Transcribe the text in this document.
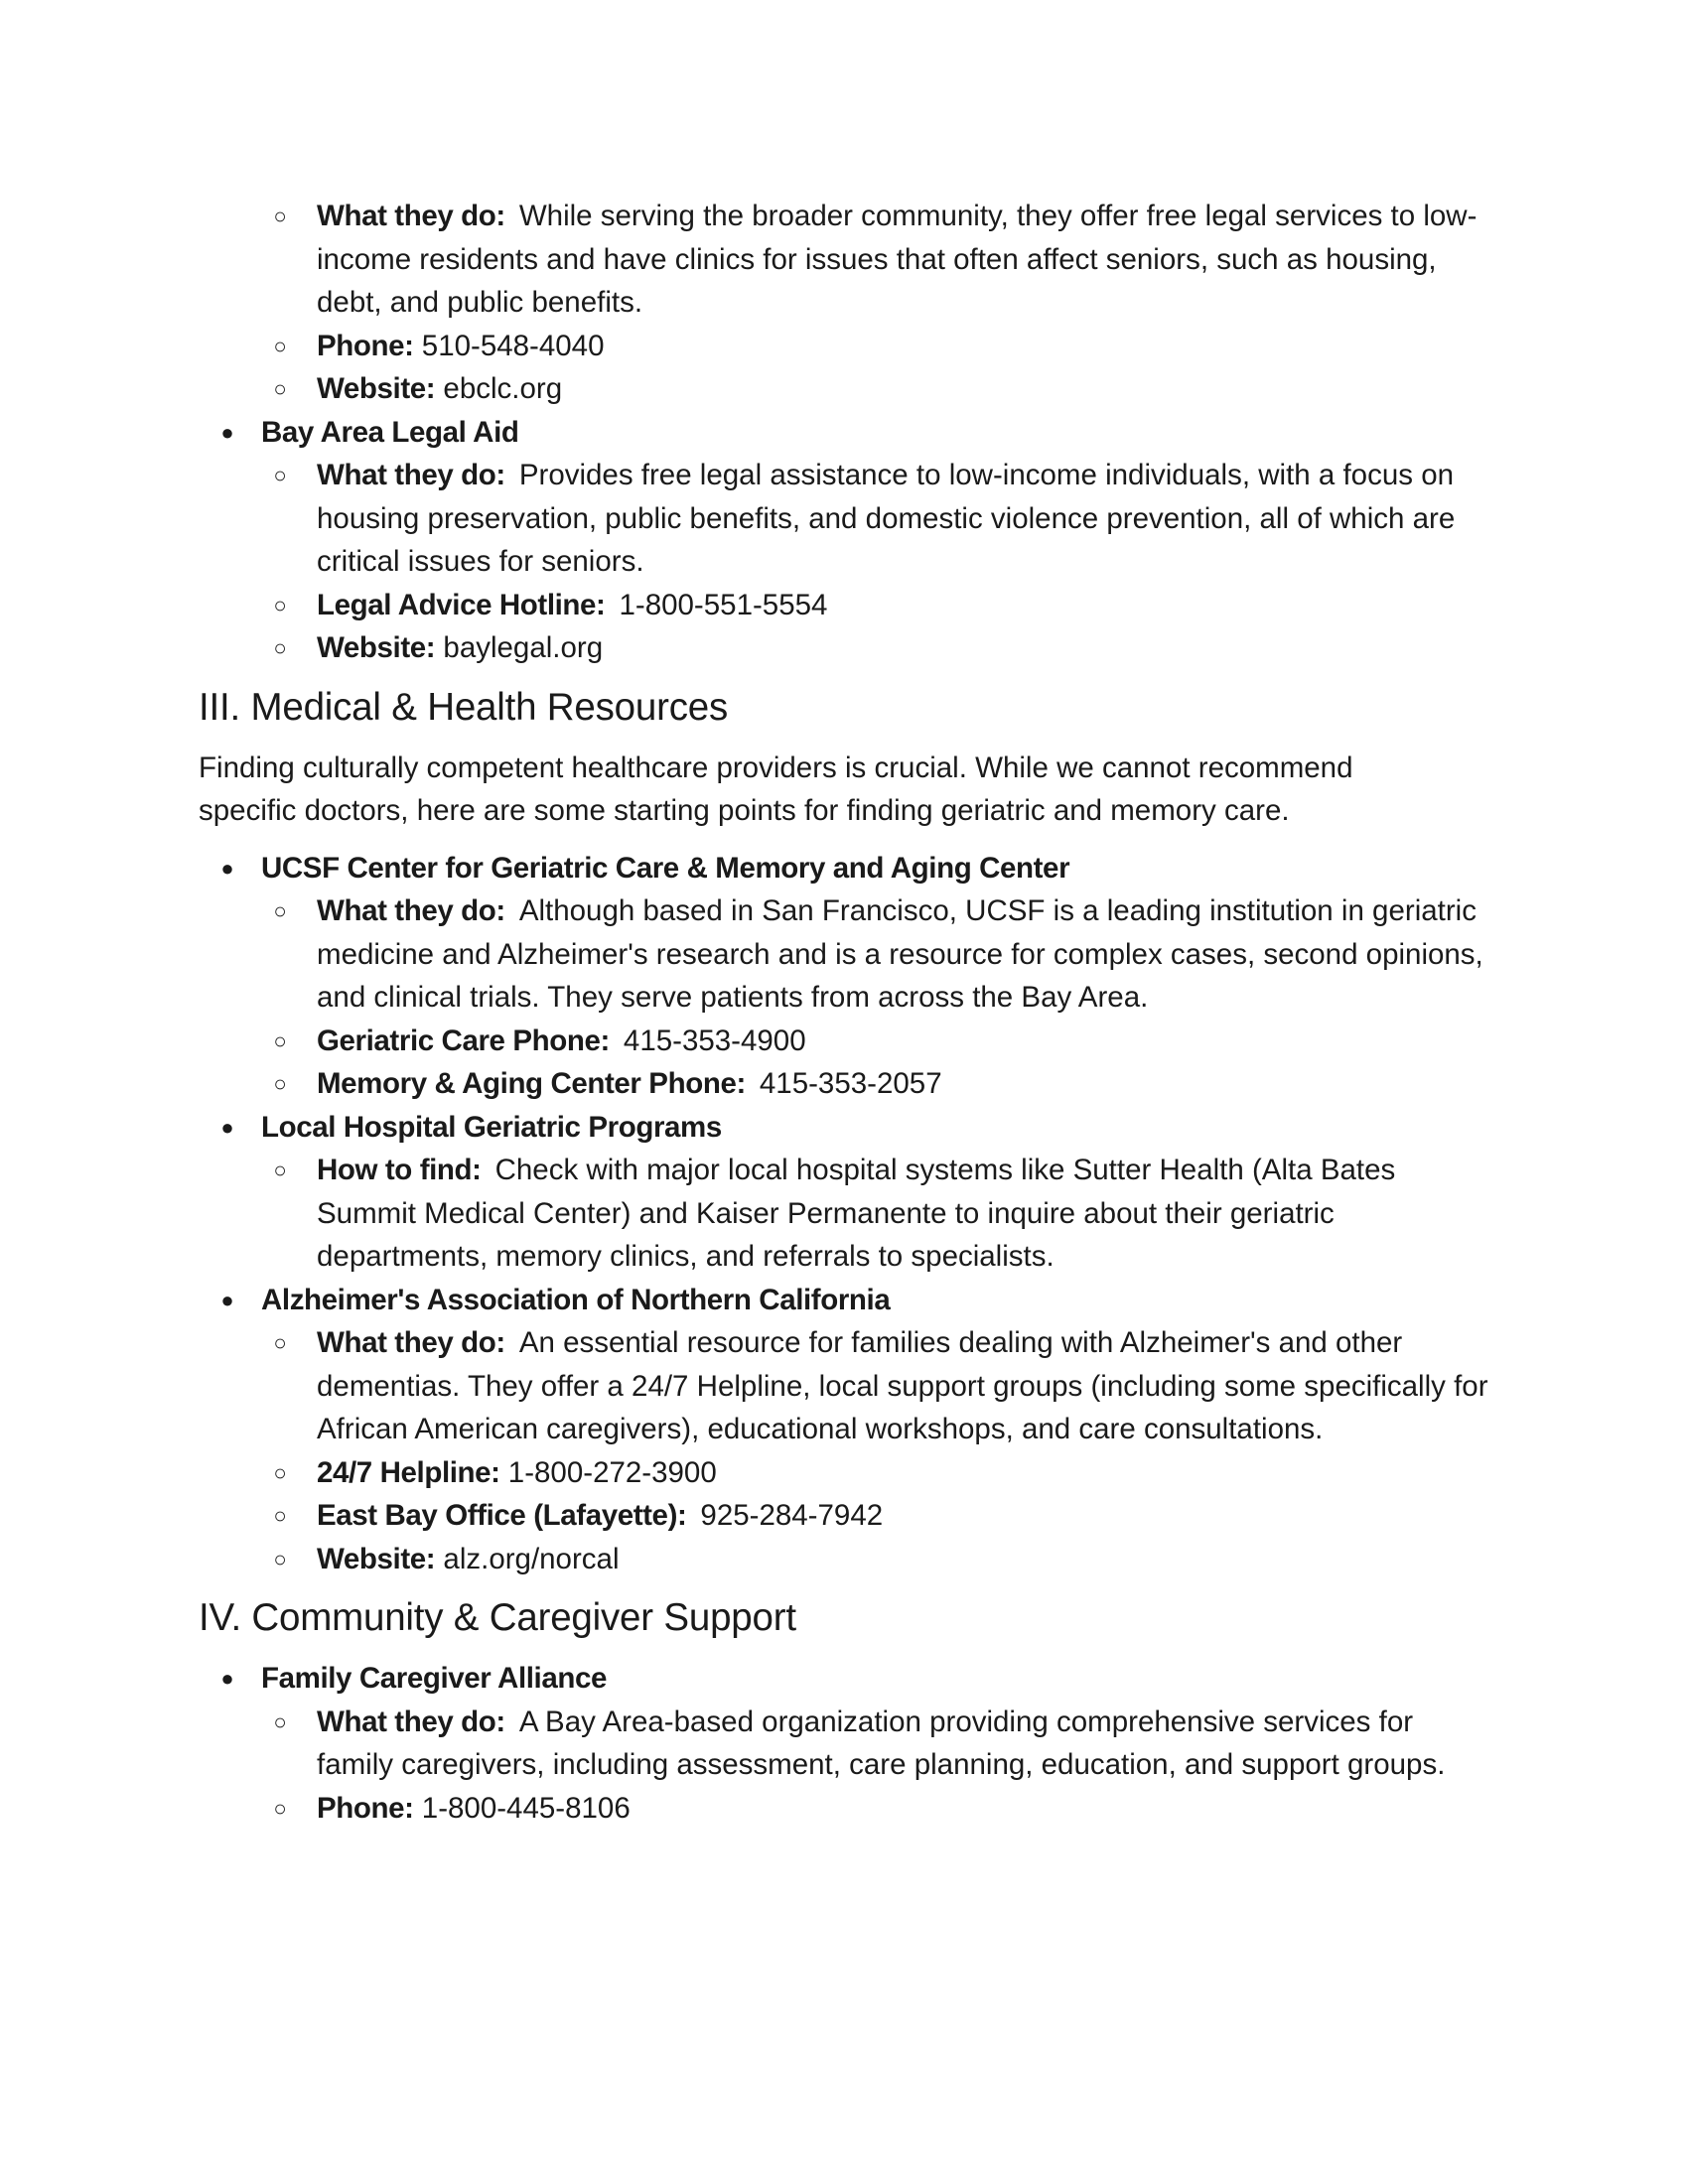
○ What they do: While serving the broader community, they offer free legal services to low-income residents and have clinics for issues that often affect seniors, such as housing, debt, and public benefits.
○ Phone: 510-548-4040
○ Website: ebclc.org
● Bay Area Legal Aid
○ What they do: Provides free legal assistance to low-income individuals, with a focus on housing preservation, public benefits, and domestic violence prevention, all of which are critical issues for seniors.
○ Legal Advice Hotline: 1-800-551-5554
○ Website: baylegal.org
III. Medical & Health Resources

Finding culturally competent healthcare providers is crucial. While we cannot recommend specific doctors, here are some starting points for finding geriatric and memory care.

● UCSF Center for Geriatric Care & Memory and Aging Center
○ What they do: Although based in San Francisco, UCSF is a leading institution in geriatric medicine and Alzheimer's research and is a resource for complex cases, second opinions, and clinical trials. They serve patients from across the Bay Area.
○ Geriatric Care Phone: 415-353-4900
○ Memory & Aging Center Phone: 415-353-2057
● Local Hospital Geriatric Programs
○ How to find: Check with major local hospital systems like Sutter Health (Alta Bates Summit Medical Center) and Kaiser Permanente to inquire about their geriatric departments, memory clinics, and referrals to specialists.
● Alzheimer's Association of Northern California
○ What they do: An essential resource for families dealing with Alzheimer's and other dementias. They offer a 24/7 Helpline, local support groups (including some specifically for African American caregivers), educational workshops, and care consultations.
○ 24/7 Helpline: 1-800-272-3900
○ East Bay Office (Lafayette): 925-284-7942
○ Website: alz.org/norcal
IV. Community & Caregiver Support
● Family Caregiver Alliance
○ What they do: A Bay Area-based organization providing comprehensive services for family caregivers, including assessment, care planning, education, and support groups.
○ Phone: 1-800-445-8106
